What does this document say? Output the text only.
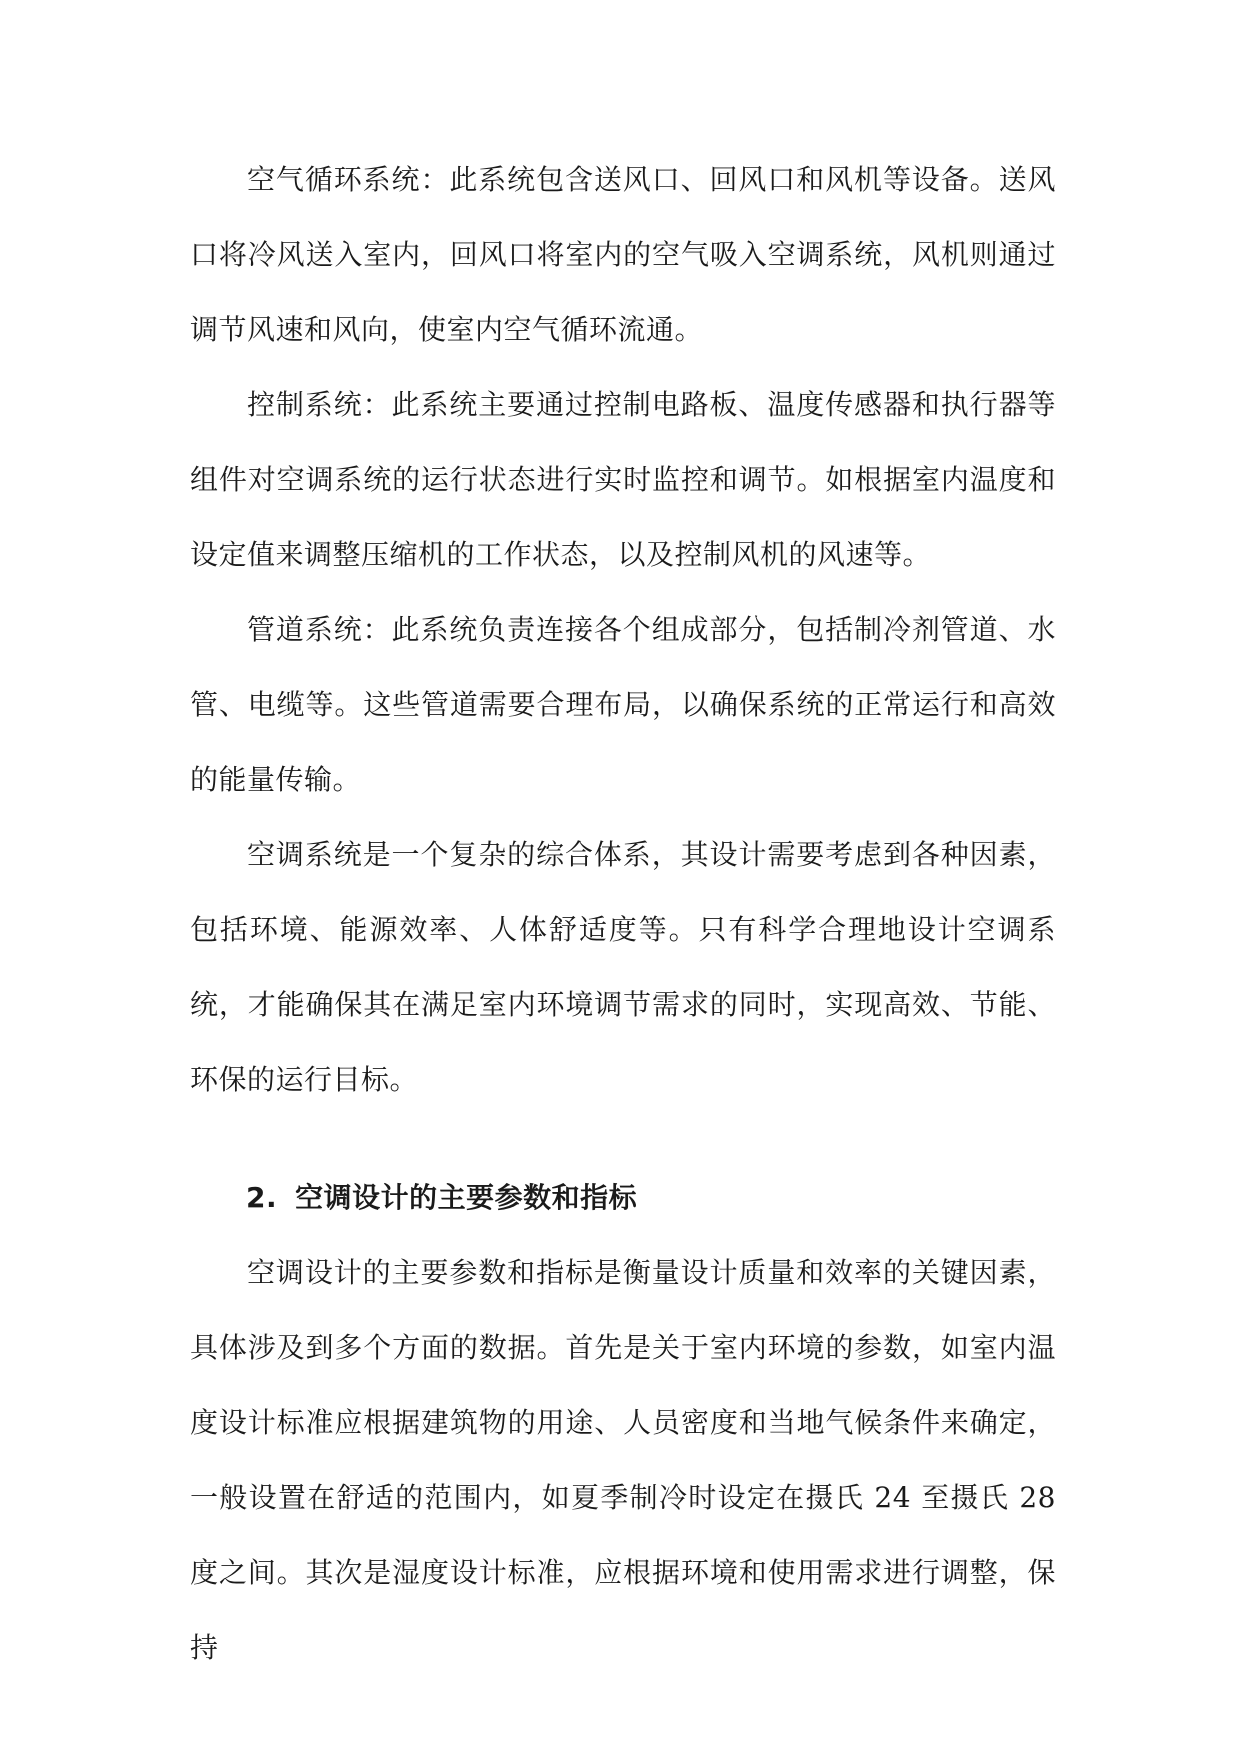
空气循环系统：此系统包含送风口、回风口和风机等设备。送风口将冷风送入室内，回风口将室内的空气吸入空调系统，风机则通过调节风速和风向，使室内空气循环流通。

控制系统：此系统主要通过控制电路板、温度传感器和执行器等组件对空调系统的运行状态进行实时监控和调节。如根据室内温度和设定值来调整压缩机的工作状态，以及控制风机的风速等。

管道系统：此系统负责连接各个组成部分，包括制冷剂管道、水管、电缆等。这些管道需要合理布局，以确保系统的正常运行和高效的能量传输。

空调系统是一个复杂的综合体系，其设计需要考虑到各种因素，包括环境、能源效率、人体舒适度等。只有科学合理地设计空调系统，才能确保其在满足室内环境调节需求的同时，实现高效、节能、环保的运行目标。

2. 空调设计的主要参数和指标

空调设计的主要参数和指标是衡量设计质量和效率的关键因素，具体涉及到多个方面的数据。首先是关于室内环境的参数，如室内温度设计标准应根据建筑物的用途、人员密度和当地气候条件来确定，一般设置在舒适的范围内，如夏季制冷时设定在摄氏 24 至摄氏 28 度之间。其次是湿度设计标准，应根据环境和使用需求进行调整，保持
